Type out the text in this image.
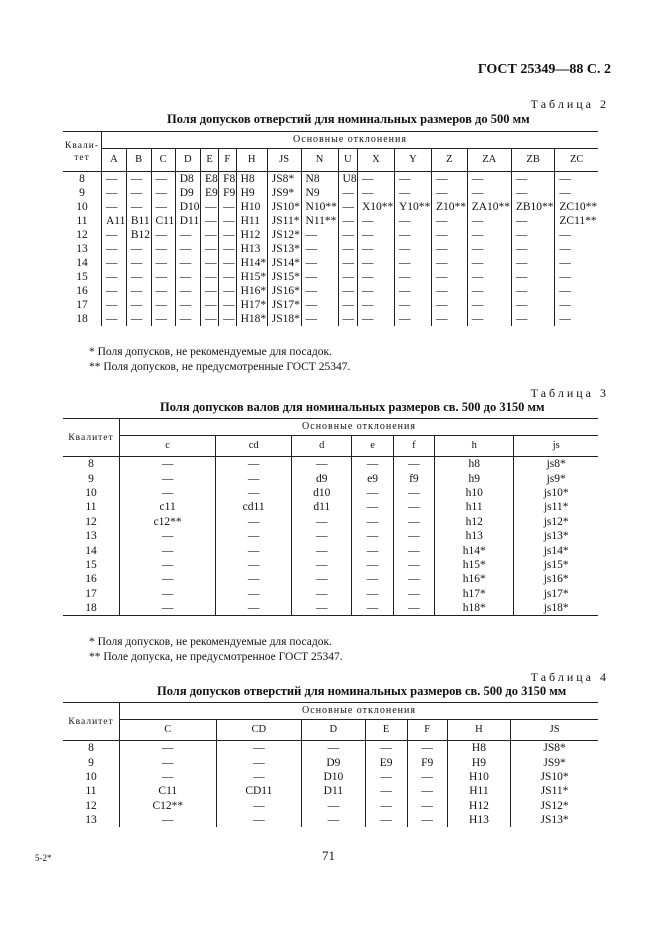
ГОСТ 25349—88 С. 2
Таблица 2
Поля допусков отверстий для номинальных размеров до 500 мм
Квали-
тет	Основные отклонения															
	A	B	C	D	E	F	H	JS	N	U	X	Y	Z	ZA	ZB	ZC
8	—	—	—	D8	E8	F8	H8	JS8*	N8	U8	—	—	—	—	—	—
9	—	—	—	D9	E9	F9	H9	JS9*	N9	—	—	—	—	—	—	—
10	—	—	—	D10	—	—	H10	JS10*	N10**	—	X10**	Y10**	Z10**	ZA10**	ZB10**	ZC10**
11	A11	B11	C11	D11	—	—	H11	JS11*	N11**	—	—	—	—	—	—	ZC11**
12	—	B12	—	—	—	—	H12	JS12*	—	—	—	—	—	—	—	—
13	—	—	—	—	—	—	H13	JS13*	—	—	—	—	—	—	—	—
14	—	—	—	—	—	—	H14*	JS14*	—	—	—	—	—	—	—	—
15	—	—	—	—	—	—	H15*	JS15*	—	—	—	—	—	—	—	—
16	—	—	—	—	—	—	H16*	JS16*	—	—	—	—	—	—	—	—
17	—	—	—	—	—	—	H17*	JS17*	—	—	—	—	—	—	—	—
18	—	—	—	—	—	—	H18*	JS18*	—	—	—	—	—	—	—	—
* Поля допусков, не рекомендуемые для посадок.
** Поля допусков, не предусмотренные ГОСТ 25347.
Таблица 3
Поля допусков валов для номинальных размеров св. 500 до 3150 мм
Квалитет	Основные отклонения						
	c	cd	d	e	f	h	js
8	—	—	—	—	—	h8	js8*
9	—	—	d9	e9	f9	h9	js9*
10	—	—	d10	—	—	h10	js10*
11	c11	cd11	d11	—	—	h11	js11*
12	c12**	—	—	—	—	h12	js12*
13	—	—	—	—	—	h13	js13*
14	—	—	—	—	—	h14*	js14*
15	—	—	—	—	—	h15*	js15*
16	—	—	—	—	—	h16*	js16*
17	—	—	—	—	—	h17*	js17*
18	—	—	—	—	—	h18*	js18*
* Поля допусков, не рекомендуемые для посадок.
** Поле допуска, не предусмотренное ГОСТ 25347.
Таблица 4
Поля допусков отверстий для номинальных размеров св. 500 до 3150 мм
Квалитет	Основные отклонения						
	C	CD	D	E	F	H	JS
8	—	—	—	—	—	H8	JS8*
9	—	—	D9	E9	F9	H9	JS9*
10	—	—	D10	—	—	H10	JS10*
11	C11	CD11	D11	—	—	H11	JS11*
12	C12**	—	—	—	—	H12	JS12*
13	—	—	—	—	—	H13	JS13*
5-2*	71
